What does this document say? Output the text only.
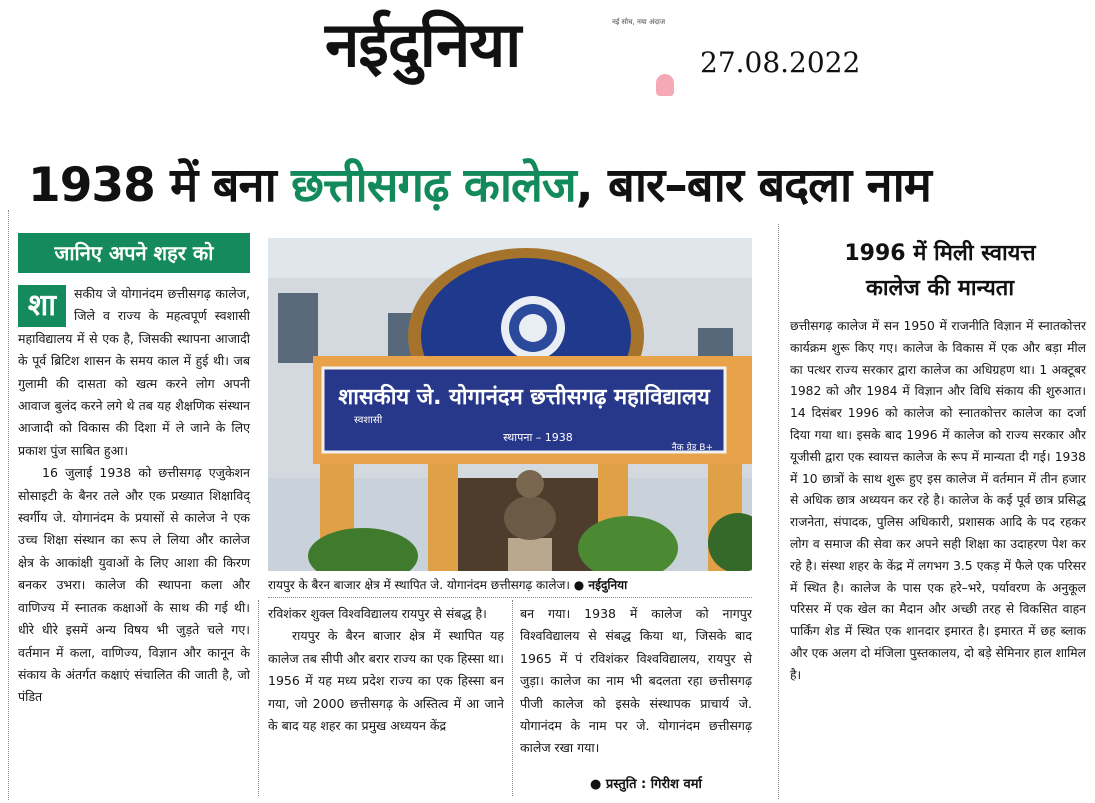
नईदुनिया	नई सोच, नया अंदाज
27.08.2022
1938 में बना छत्तीसगढ़ कालेज, बार–बार बदला नाम
जानिए अपने शहर को
शा	सकीय जे योगानंदम छत्तीसगढ़ कालेज, जिले व राज्य के महत्वपूर्ण स्वशासी महाविद्यालय में से एक है, जिसकी स्थापना आजादी के पूर्व ब्रिटिश शासन के समय काल में हुई थी। जब गुलामी की दासता को खत्म करने लोग अपनी आवाज बुलंद करने लगे थे तब यह शैक्षणिक संस्थान आजादी को विकास की दिशा में ले जाने के लिए प्रकाश पुंज साबित हुआ।

16 जुलाई 1938 को छत्तीसगढ़ एजुकेशन सोसाइटी के बैनर तले और एक प्रख्यात शिक्षाविद् स्वर्गीय जे. योगानंदम के प्रयासों से कालेज ने एक उच्च शिक्षा संस्थान का रूप ले लिया और कालेज क्षेत्र के आकांक्षी युवाओं के लिए आशा की किरण बनकर उभरा। कालेज की स्थापना कला और वाणिज्य में स्नातक कक्षाओं के साथ की गई थी। धीरे धीरे इसमें अन्य विषय भी जुड़ते चले गए। वर्तमान में कला, वाणिज्य, विज्ञान और कानून के संकाय के अंतर्गत कक्षाएं संचालित की जाती है, जो पंडित

शासकीय जे. योगानंदम छत्तीसगढ़ महाविद्यालय
स्वशासी
स्थापना – 1938
नैक ग्रेड B+
रायपुर के बैरन बाजार क्षेत्र में स्थापित जे. योगानंदम छत्तीसगढ़ कालेज। ● नईदुनिया

रविशंकर शुक्ल विश्वविद्यालय रायपुर से संबद्ध है।

रायपुर के बैरन बाजार क्षेत्र में स्थापित यह कालेज तब सीपी और बरार राज्य का एक हिस्सा था। 1956 में यह मध्य प्रदेश राज्य का एक हिस्सा बन गया, जो 2000 छत्तीसगढ़ के अस्तित्व में आ जाने के बाद यह शहर का प्रमुख अध्ययन केंद्र

बन गया। 1938 में कालेज को नागपुर विश्वविद्यालय से संबद्ध किया था, जिसके बाद 1965 में पं रविशंकर विश्वविद्यालय, रायपुर से जुड़ा। कालेज का नाम भी बदलता रहा छत्तीसगढ़ पीजी कालेज को इसके संस्थापक प्राचार्य जे. योगानंदम के नाम पर जे. योगानंदम छत्तीसगढ़ कालेज रखा गया।

● प्रस्तुति : गिरीश वर्मा
1996 में मिली स्वायत्त
कालेज की मान्यता

छत्तीसगढ़ कालेज में सन 1950 में राजनीति विज्ञान में स्नातकोत्तर कार्यक्रम शुरू किए गए। कालेज के विकास में एक और बड़ा मील का पत्थर राज्य सरकार द्वारा कालेज का अधिग्रहण था। 1 अक्टूबर 1982 को और 1984 में विज्ञान और विधि संकाय की शुरुआत। 14 दिसंबर 1996 को कालेज को स्नातकोत्तर कालेज का दर्जा दिया गया था। इसके बाद 1996 में कालेज को राज्य सरकार और यूजीसी द्वारा एक स्वायत्त कालेज के रूप में मान्यता दी गई। 1938 में 10 छात्रों के साथ शुरू हुए इस कालेज में वर्तमान में तीन हजार से अधिक छात्र अध्ययन कर रहे है। कालेज के कई पूर्व छात्र प्रसिद्ध राजनेता, संपादक, पुलिस अधिकारी, प्रशासक आदि के पद रहकर लोग व समाज की सेवा कर अपने सही शिक्षा का उदाहरण पेश कर रहे है। संस्था शहर के केंद्र में लगभग 3.5 एकड़ में फैले एक परिसर में स्थित है। कालेज के पास एक हरे–भरे, पर्यावरण के अनुकूल परिसर में एक खेल का मैदान और अच्छी तरह से विकसित वाहन पार्किंग शेड में स्थित एक शानदार इमारत है। इमारत में छह ब्लाक और एक अलग दो मंजिला पुस्तकालय, दो बड़े सेमिनार हाल शामिल है।
